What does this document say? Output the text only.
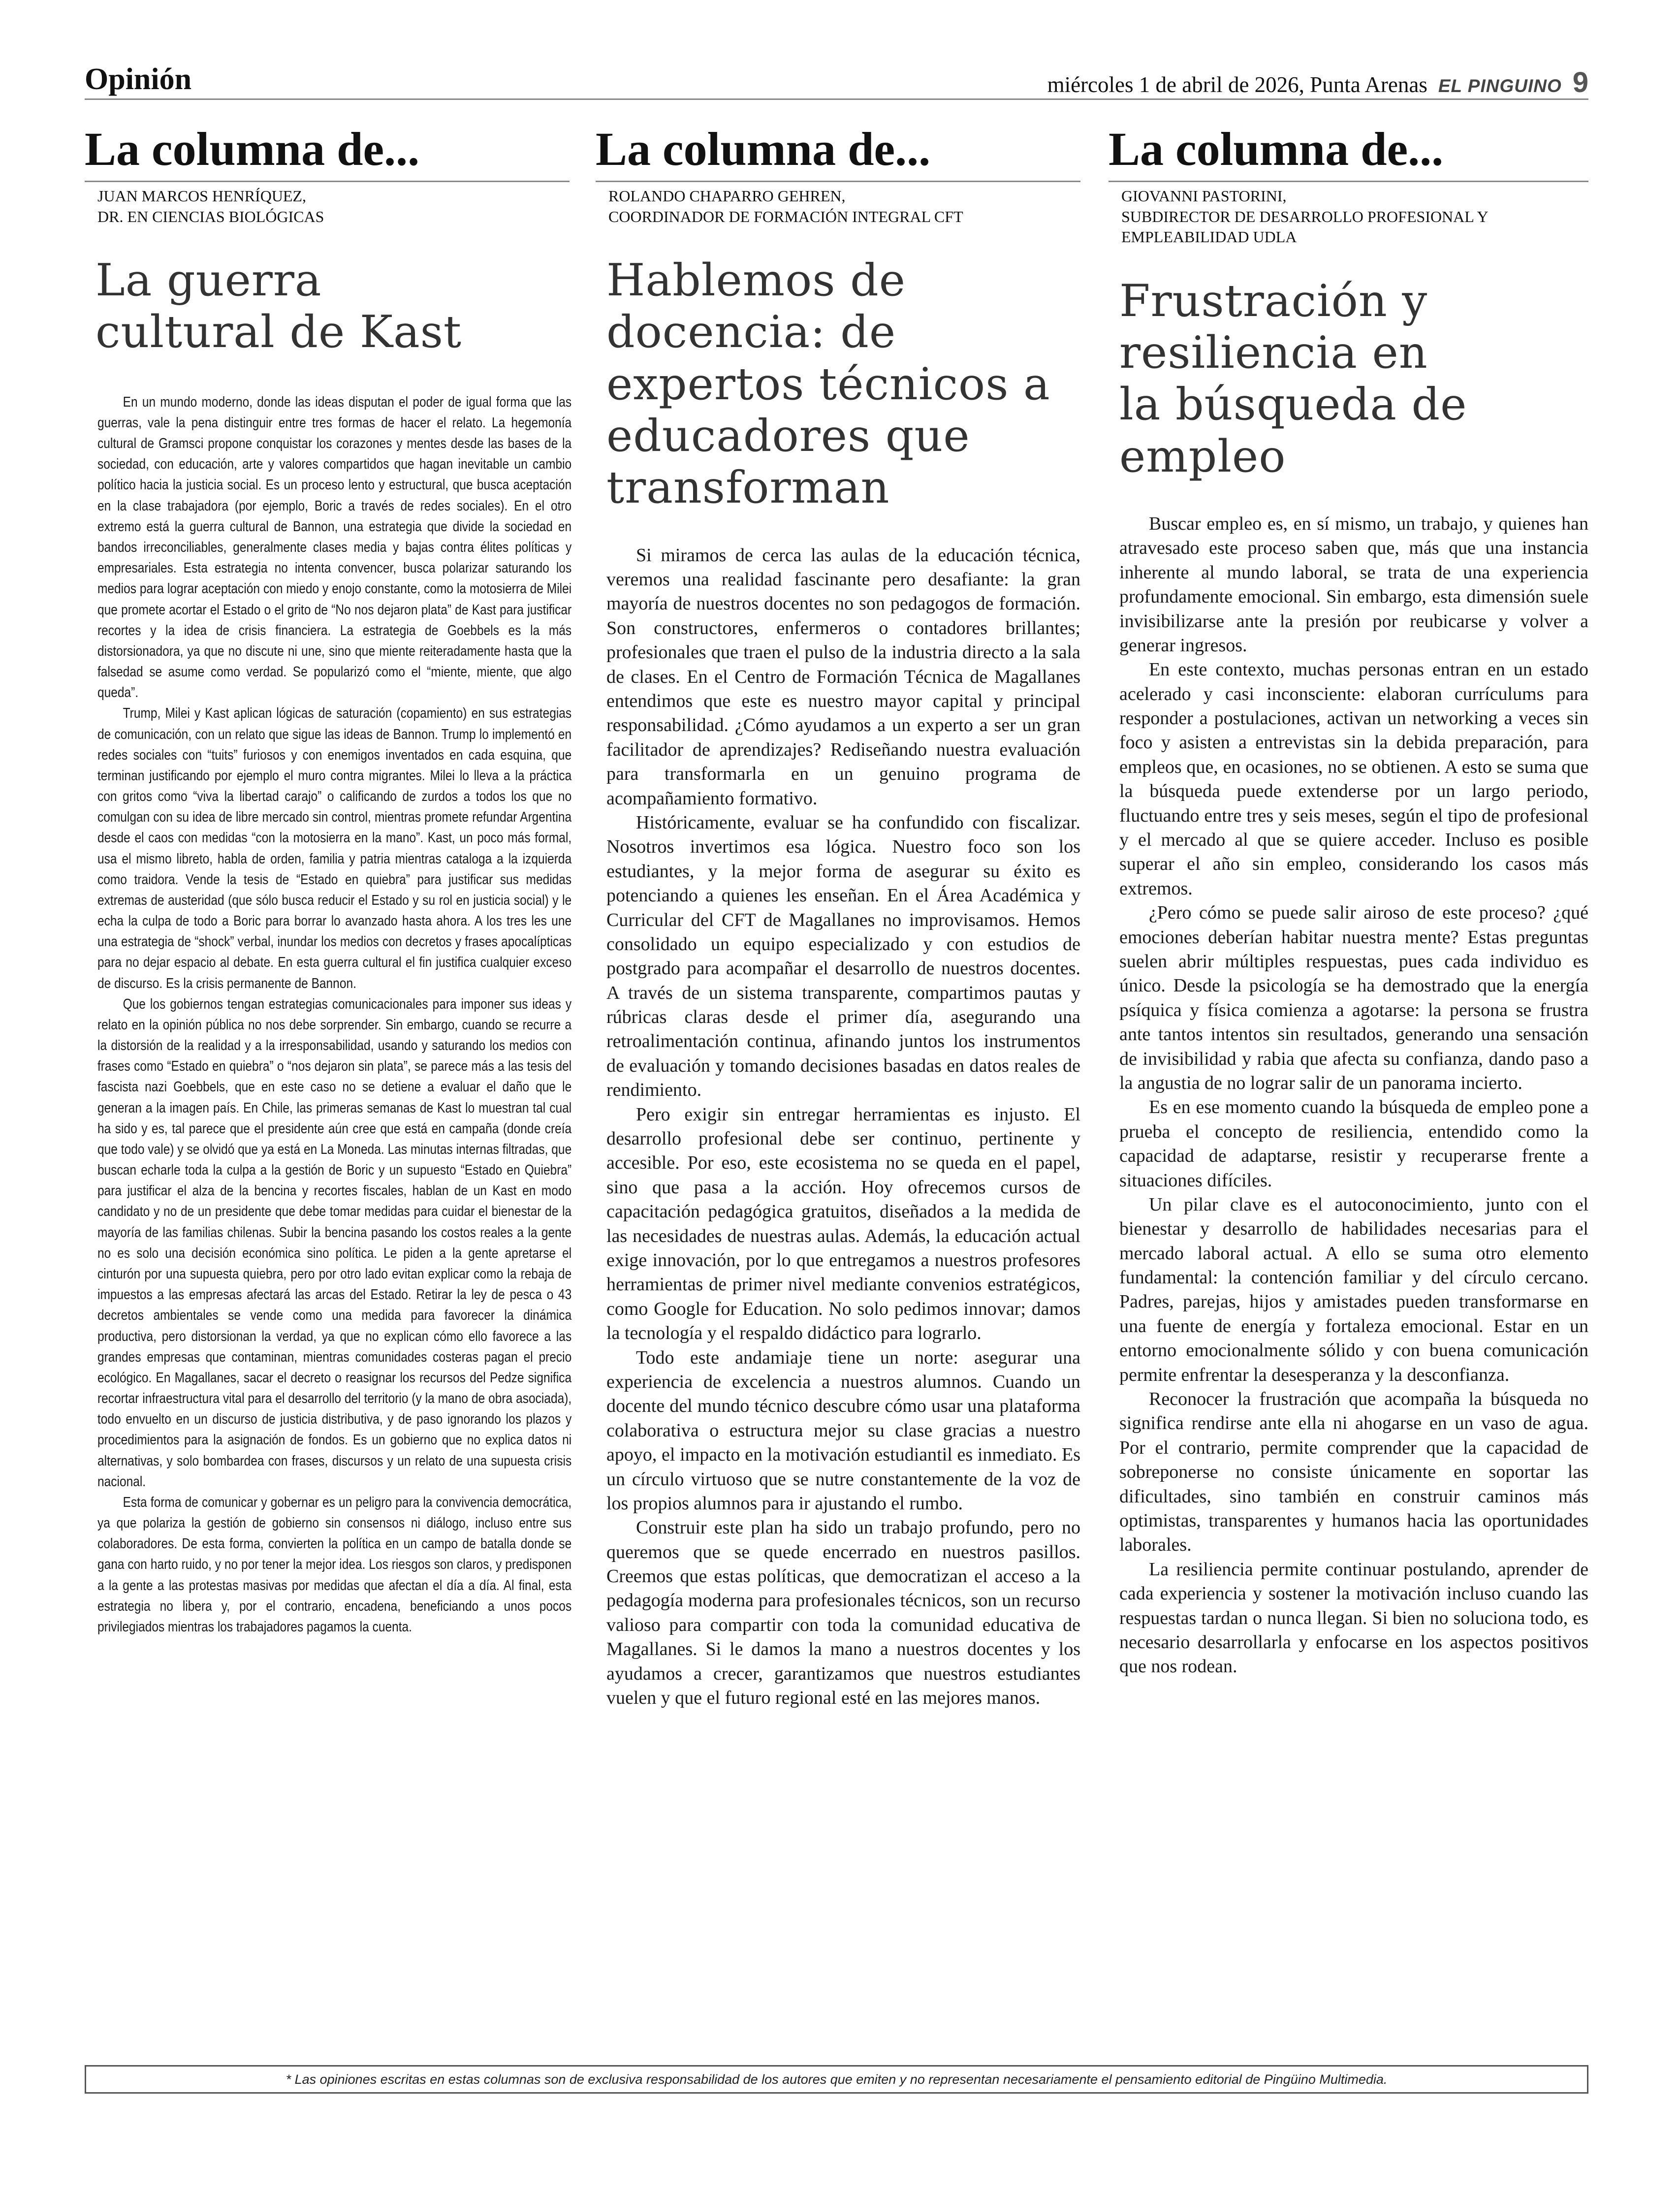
Opinión	miércoles 1 de abril de 2026, Punta Arenas EL PINGUINO 9
La columna de...
JUAN MARCOS HENRÍQUEZ,
DR. EN CIENCIAS BIOLÓGICAS
La guerra cultural de Kast

En un mundo moderno, donde las ideas disputan el poder de igual forma que las guerras, vale la pena distinguir entre tres formas de hacer el relato. La hegemonía cultural de Gramsci propone conquistar los corazones y mentes desde las bases de la sociedad, con educación, arte y valores compartidos que hagan inevitable un cambio político hacia la justicia social. Es un proceso lento y estructural, que busca aceptación en la clase trabajadora (por ejemplo, Boric a través de redes sociales). En el otro extremo está la guerra cultural de Bannon, una estrategia que divide la sociedad en bandos irreconciliables, generalmente clases media y bajas contra élites políticas y empresariales. Esta estrategia no intenta convencer, busca polarizar saturando los medios para lograr aceptación con miedo y enojo constante, como la motosierra de Milei que promete acortar el Estado o el grito de “No nos dejaron plata” de Kast para justificar recortes y la idea de crisis financiera. La estrategia de Goebbels es la más distorsionadora, ya que no discute ni une, sino que miente reiteradamente hasta que la falsedad se asume como verdad. Se popularizó como el “miente, miente, que algo queda”.

Trump, Milei y Kast aplican lógicas de saturación (copamiento) en sus estrategias de comunicación, con un relato que sigue las ideas de Bannon. Trump lo implementó en redes sociales con “tuits” furiosos y con enemigos inventados en cada esquina, que terminan justificando por ejemplo el muro contra migrantes. Milei lo lleva a la práctica con gritos como “viva la libertad carajo” o calificando de zurdos a todos los que no comulgan con su idea de libre mercado sin control, mientras promete refundar Argentina desde el caos con medidas “con la motosierra en la mano”. Kast, un poco más formal, usa el mismo libreto, habla de orden, familia y patria mientras cataloga a la izquierda como traidora. Vende la tesis de “Estado en quiebra” para justificar sus medidas extremas de austeridad (que sólo busca reducir el Estado y su rol en justicia social) y le echa la culpa de todo a Boric para borrar lo avanzado hasta ahora. A los tres les une una estrategia de “shock” verbal, inundar los medios con decretos y frases apocalípticas para no dejar espacio al debate. En esta guerra cultural el fin justifica cualquier exceso de discurso. Es la crisis permanente de Bannon.

Que los gobiernos tengan estrategias comunicacionales para imponer sus ideas y relato en la opinión pública no nos debe sorprender. Sin embargo, cuando se recurre a la distorsión de la realidad y a la irresponsabilidad, usando y saturando los medios con frases como “Estado en quiebra” o “nos dejaron sin plata”, se parece más a las tesis del fascista nazi Goebbels, que en este caso no se detiene a evaluar el daño que le generan a la imagen país. En Chile, las primeras semanas de Kast lo muestran tal cual ha sido y es, tal parece que el presidente aún cree que está en campaña (donde creía que todo vale) y se olvidó que ya está en La Moneda. Las minutas internas filtradas, que buscan echarle toda la culpa a la gestión de Boric y un supuesto “Estado en Quiebra” para justificar el alza de la bencina y recortes fiscales, hablan de un Kast en modo candidato y no de un presidente que debe tomar medidas para cuidar el bienestar de la mayoría de las familias chilenas. Subir la bencina pasando los costos reales a la gente no es solo una decisión económica sino política. Le piden a la gente apretarse el cinturón por una supuesta quiebra, pero por otro lado evitan explicar como la rebaja de impuestos a las empresas afectará las arcas del Estado. Retirar la ley de pesca o 43 decretos ambientales se vende como una medida para favorecer la dinámica productiva, pero distorsionan la verdad, ya que no explican cómo ello favorece a las grandes empresas que contaminan, mientras comunidades costeras pagan el precio ecológico. En Magallanes, sacar el decreto o reasignar los recursos del Pedze significa recortar infraestructura vital para el desarrollo del territorio (y la mano de obra asociada), todo envuelto en un discurso de justicia distributiva, y de paso ignorando los plazos y procedimientos para la asignación de fondos. Es un gobierno que no explica datos ni alternativas, y solo bombardea con frases, discursos y un relato de una supuesta crisis nacional.

Esta forma de comunicar y gobernar es un peligro para la convivencia democrática, ya que polariza la gestión de gobierno sin consensos ni diálogo, incluso entre sus colaboradores. De esta forma, convierten la política en un campo de batalla donde se gana con harto ruido, y no por tener la mejor idea. Los riesgos son claros, y predisponen a la gente a las protestas masivas por medidas que afectan el día a día. Al final, esta estrategia no libera y, por el contrario, encadena, beneficiando a unos pocos privilegiados mientras los trabajadores pagamos la cuenta.

La columna de...
ROLANDO CHAPARRO GEHREN,
COORDINADOR DE FORMACIÓN INTEGRAL CFT
Hablemos de docencia: de expertos técnicos a educadores que transforman

Si miramos de cerca las aulas de la educación técnica, veremos una realidad fascinante pero desafiante: la gran mayoría de nuestros docentes no son pedagogos de formación. Son constructores, enfermeros o contadores brillantes; profesionales que traen el pulso de la industria directo a la sala de clases. En el Centro de Formación Técnica de Magallanes entendimos que este es nuestro mayor capital y principal responsabilidad. ¿Cómo ayudamos a un experto a ser un gran facilitador de aprendizajes? Rediseñando nuestra evaluación para transformarla en un genuino programa de acompañamiento formativo.

Históricamente, evaluar se ha confundido con fiscalizar. Nosotros invertimos esa lógica. Nuestro foco son los estudiantes, y la mejor forma de asegurar su éxito es potenciando a quienes les enseñan. En el Área Académica y Curricular del CFT de Magallanes no improvisamos. Hemos consolidado un equipo especializado y con estudios de postgrado para acompañar el desarrollo de nuestros docentes. A través de un sistema transparente, compartimos pautas y rúbricas claras desde el primer día, asegurando una retroalimentación continua, afinando juntos los instrumentos de evaluación y tomando decisiones basadas en datos reales de rendimiento.

Pero exigir sin entregar herramientas es injusto. El desarrollo profesional debe ser continuo, pertinente y accesible. Por eso, este ecosistema no se queda en el papel, sino que pasa a la acción. Hoy ofrecemos cursos de capacitación pedagógica gratuitos, diseñados a la medida de las necesidades de nuestras aulas. Además, la educación actual exige innovación, por lo que entregamos a nuestros profesores herramientas de primer nivel mediante convenios estratégicos, como Google for Education. No solo pedimos innovar; damos la tecnología y el respaldo didáctico para lograrlo.

Todo este andamiaje tiene un norte: asegurar una experiencia de excelencia a nuestros alumnos. Cuando un docente del mundo técnico descubre cómo usar una plataforma colaborativa o estructura mejor su clase gracias a nuestro apoyo, el impacto en la motivación estudiantil es inmediato. Es un círculo virtuoso que se nutre constantemente de la voz de los propios alumnos para ir ajustando el rumbo.

Construir este plan ha sido un trabajo profundo, pero no queremos que se quede encerrado en nuestros pasillos. Creemos que estas políticas, que democratizan el acceso a la pedagogía moderna para profesionales técnicos, son un recurso valioso para compartir con toda la comunidad educativa de Magallanes. Si le damos la mano a nuestros docentes y los ayudamos a crecer, garantizamos que nuestros estudiantes vuelen y que el futuro regional esté en las mejores manos.

La columna de...
GIOVANNI PASTORINI,
SUBDIRECTOR DE DESARROLLO PROFESIONAL Y EMPLEABILIDAD UDLA
Frustración y resiliencia en la búsqueda de empleo

Buscar empleo es, en sí mismo, un trabajo, y quienes han atravesado este proceso saben que, más que una instancia inherente al mundo laboral, se trata de una experiencia profundamente emocional. Sin embargo, esta dimensión suele invisibilizarse ante la presión por reubicarse y volver a generar ingresos.

En este contexto, muchas personas entran en un estado acelerado y casi inconsciente: elaboran currículums para responder a postulaciones, activan un networking a veces sin foco y asisten a entrevistas sin la debida preparación, para empleos que, en ocasiones, no se obtienen. A esto se suma que la búsqueda puede extenderse por un largo periodo, fluctuando entre tres y seis meses, según el tipo de profesional y el mercado al que se quiere acceder. Incluso es posible superar el año sin empleo, considerando los casos más extremos.

¿Pero cómo se puede salir airoso de este proceso? ¿qué emociones deberían habitar nuestra mente? Estas preguntas suelen abrir múltiples respuestas, pues cada individuo es único. Desde la psicología se ha demostrado que la energía psíquica y física comienza a agotarse: la persona se frustra ante tantos intentos sin resultados, generando una sensación de invisibilidad y rabia que afecta su confianza, dando paso a la angustia de no lograr salir de un panorama incierto.

Es en ese momento cuando la búsqueda de empleo pone a prueba el concepto de resiliencia, entendido como la capacidad de adaptarse, resistir y recuperarse frente a situaciones difíciles.

Un pilar clave es el autoconocimiento, junto con el bienestar y desarrollo de habilidades necesarias para el mercado laboral actual. A ello se suma otro elemento fundamental: la contención familiar y del círculo cercano. Padres, parejas, hijos y amistades pueden transformarse en una fuente de energía y fortaleza emocional. Estar en un entorno emocionalmente sólido y con buena comunicación permite enfrentar la desesperanza y la desconfianza.

Reconocer la frustración que acompaña la búsqueda no significa rendirse ante ella ni ahogarse en un vaso de agua. Por el contrario, permite comprender que la capacidad de sobreponerse no consiste únicamente en soportar las dificultades, sino también en construir caminos más optimistas, transparentes y humanos hacia las oportunidades laborales.

La resiliencia permite continuar postulando, aprender de cada experiencia y sostener la motivación incluso cuando las respuestas tardan o nunca llegan. Si bien no soluciona todo, es necesario desarrollarla y enfocarse en los aspectos positivos que nos rodean.

* Las opiniones escritas en estas columnas son de exclusiva responsabilidad de los autores que emiten y no representan necesariamente el pensamiento editorial de Pingüino Multimedia.
